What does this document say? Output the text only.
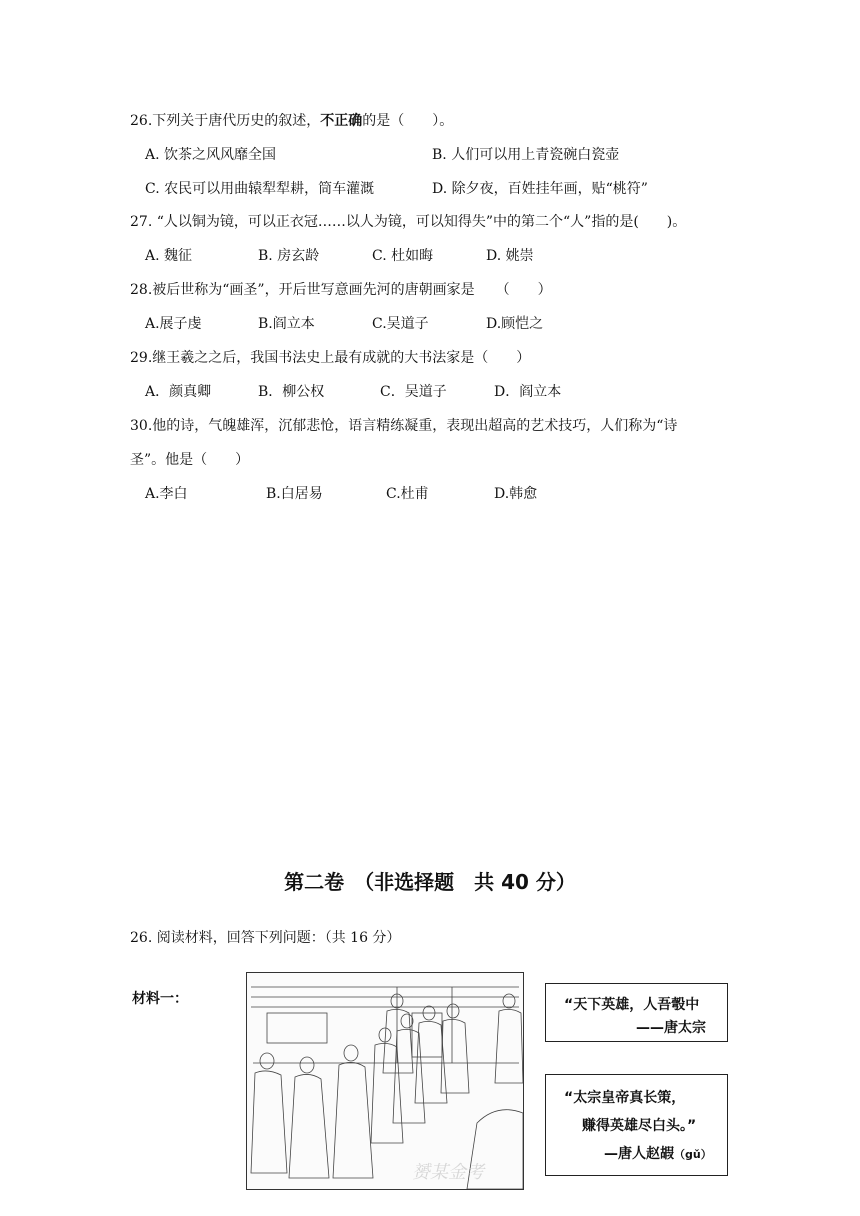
26.下列关于唐代历史的叙述，不正确的是（　　）。
A. 饮茶之风风靡全国	B. 人们可以用上青瓷碗白瓷壶
C. 农民可以用曲辕犁犁耕，筒车灌溉	D. 除夕夜，百姓挂年画，贴“桃符”
27. “人以铜为镜，可以正衣冠……以人为镜，可以知得失”中的第二个“人”指的是(　　)。
A. 魏征	B. 房玄龄	C. 杜如晦	D. 姚崇
28.被后世称为“画圣”，开后世写意画先河的唐朝画家是　　（　　）
A.展子虔	B.阎立本	C.吴道子	D.顾恺之
29.继王羲之之后，我国书法史上最有成就的大书法家是（　　）
A．颜真卿	B．柳公权	C．吴道子	D．阎立本
30.他的诗，气魄雄浑，沉郁悲怆，语言精练凝重，表现出超高的艺术技巧，人们称为“诗
圣”。他是（　　）
A.李白	B.白居易	C.杜甫	D.韩愈
第二卷　（非选择题　共 40 分）
26. 阅读材料，回答下列问题：（共 16 分）
材料一：
赟某金考
“天下英雄，人吾彀中
——唐太宗
“太宗皇帝真长策，
赚得英雄尽白头。”
—唐人赵嘏（gǔ）
